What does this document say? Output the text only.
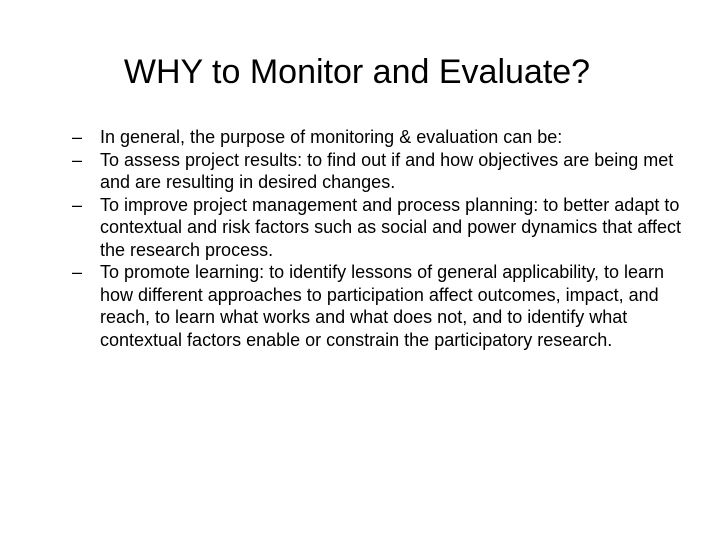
WHY to Monitor and Evaluate?
– In general, the purpose of monitoring & evaluation can be:
– To assess project results: to find out if and how objectives are being met and are resulting in desired changes.
– To improve project management and process planning: to better adapt to contextual and risk factors such as social and power dynamics that affect the research process.
– To promote learning: to identify lessons of general applicability, to learn how different approaches to participation affect outcomes, impact, and reach, to learn what works and what does not, and to identify what contextual factors enable or constrain the participatory research.
